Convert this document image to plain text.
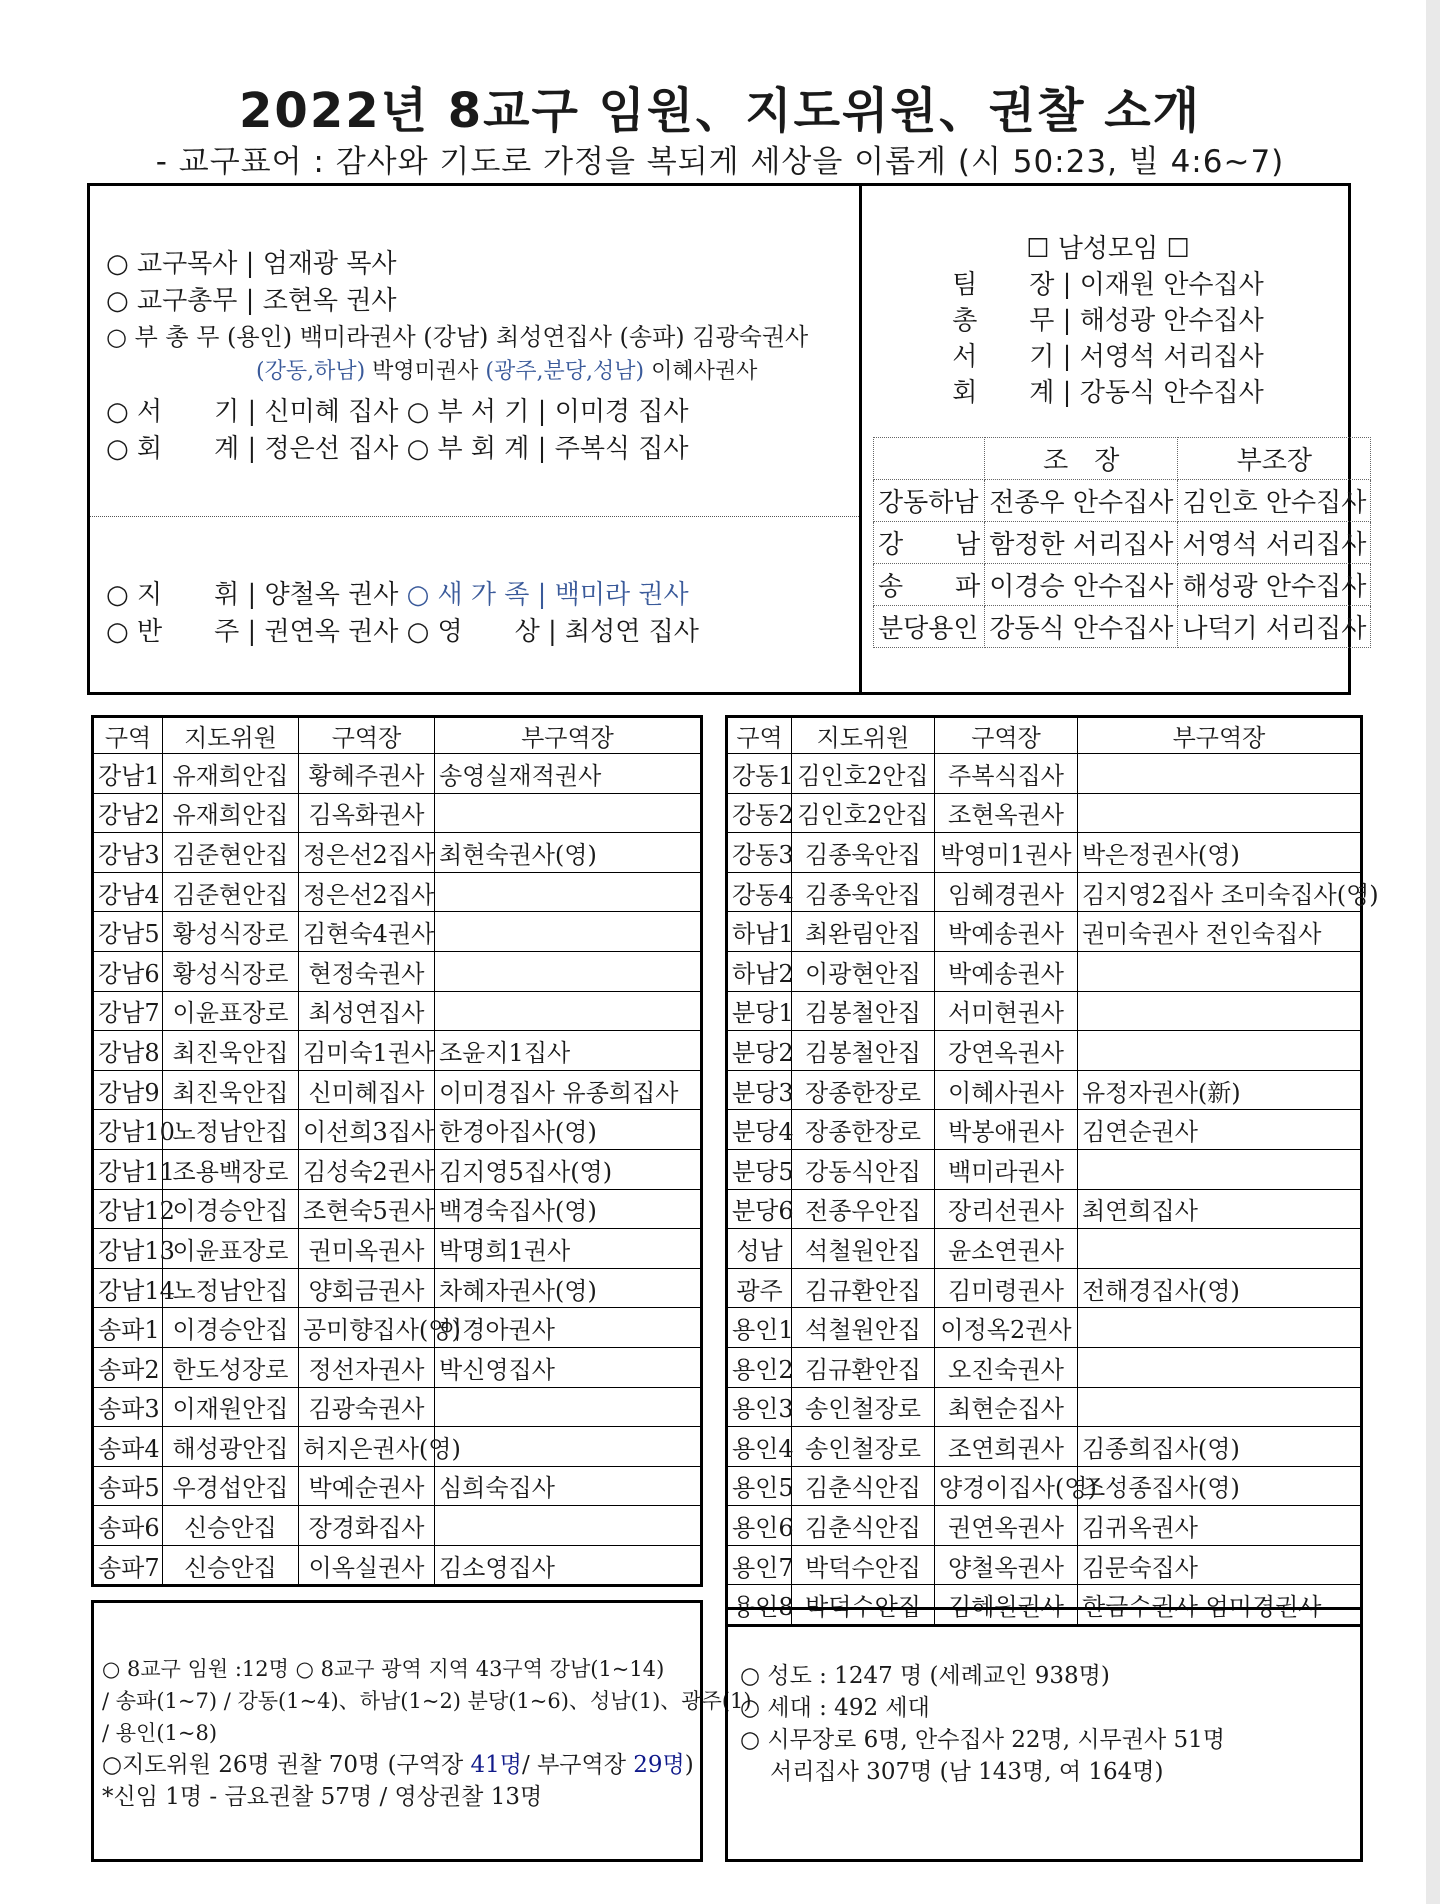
2022년 8교구 임원、지도위원、권찰 소개
- 교구표어 : 감사와 기도로 가정을 복되게 세상을 이롭게 (시 50:23, 빌 4:6~7)
○ 교구목사 | 엄재광 목사
○ 교구총무 | 조현옥 권사
○ 부 총 무 (용인) 백미라권사 (강남) 최성연집사 (송파) 김광숙권사
(강동,하남) 박영미권사 (광주,분당,성남) 이혜사권사
○ 서　　기 | 신미혜 집사 ○ 부 서 기 | 이미경 집사
○ 회　　계 | 정은선 집사 ○ 부 회 계 | 주복식 집사
○ 지　　휘 | 양철옥 권사 ○ 새 가 족 | 백미라 권사
○ 반　　주 | 권연옥 권사 ○ 영　　상 | 최성연 집사
☐ 남성모임 ☐
팀　　장 | 이재원 안수집사
총　　무 | 해성광 안수집사
서　　기 | 서영석 서리집사
회　　계 | 강동식 안수집사
	조　장	부조장
강동하남	전종우 안수집사	김인호 안수집사
강　　남	함정한 서리집사	서영석 서리집사
송　　파	이경승 안수집사	해성광 안수집사
분당용인	강동식 안수집사	나덕기 서리집사
구역	지도위원	구역장	부구역장
강남1	유재희안집	황혜주권사	송영실재적권사
강남2	유재희안집	김옥화권사	
강남3	김준현안집	정은선2집사	최현숙권사(영)
강남4	김준현안집	정은선2집사	
강남5	황성식장로	김현숙4권사	
강남6	황성식장로	현정숙권사	
강남7	이윤표장로	최성연집사	
강남8	최진욱안집	김미숙1권사	조윤지1집사
강남9	최진욱안집	신미혜집사	이미경집사 유종희집사
강남10	노정남안집	이선희3집사	한경아집사(영)
강남11	조용백장로	김성숙2권사	김지영5집사(영)
강남12	이경승안집	조현숙5권사	백경숙집사(영)
강남13	이윤표장로	권미옥권사	박명희1권사
강남14	노정남안집	양회금권사	차혜자권사(영)
송파1	이경승안집	공미향집사(영)	이경아권사
송파2	한도성장로	정선자권사	박신영집사
송파3	이재원안집	김광숙권사	
송파4	해성광안집	허지은권사(영)	
송파5	우경섭안집	박예순권사	심희숙집사
송파6	신승안집	장경화집사	
송파7	신승안집	이옥실권사	김소영집사
구역	지도위원	구역장	부구역장
강동1	김인호2안집	주복식집사	
강동2	김인호2안집	조현옥권사	
강동3	김종욱안집	박영미1권사	박은정권사(영)
강동4	김종욱안집	임혜경권사	김지영2집사 조미숙집사(영)
하남1	최완림안집	박예송권사	권미숙권사 전인숙집사
하남2	이광현안집	박예송권사	
분당1	김봉철안집	서미현권사	
분당2	김봉철안집	강연옥권사	
분당3	장종한장로	이혜사권사	유정자권사(新)
분당4	장종한장로	박봉애권사	김연순권사
분당5	강동식안집	백미라권사	
분당6	전종우안집	장리선권사	최연희집사
성남	석철원안집	윤소연권사	
광주	김규환안집	김미령권사	전해경집사(영)
용인1	석철원안집	이정옥2권사	
용인2	김규환안집	오진숙권사	
용인3	송인철장로	최현순집사	
용인4	송인철장로	조연희권사	김종희집사(영)
용인5	김춘식안집	양경이집사(영)	조성종집사(영)
용인6	김춘식안집	권연옥권사	김귀옥권사
용인7	박덕수안집	양철옥권사	김문숙집사
용인8	박덕수안집	김혜원권사	한금수권사 엄미경권사

○ 8교구 임원 :12명 ○ 8교구 광역 지역 43구역 강남(1~14)

/ 송파(1~7) / 강동(1~4)、하남(1~2) 분당(1~6)、성남(1)、광주(1)

/ 용인(1~8)

○지도위원 26명 권찰 70명 (구역장 41명/ 부구역장 29명)

*신임 1명 - 금요권찰 57명 / 영상권찰 13명

○ 성도 : 1247 명 (세례교인 938명)

○ 세대 : 492 세대

○ 시무장로 6명, 안수집사 22명, 시무권사 51명

서리집사 307명 (남 143명, 여 164명)
